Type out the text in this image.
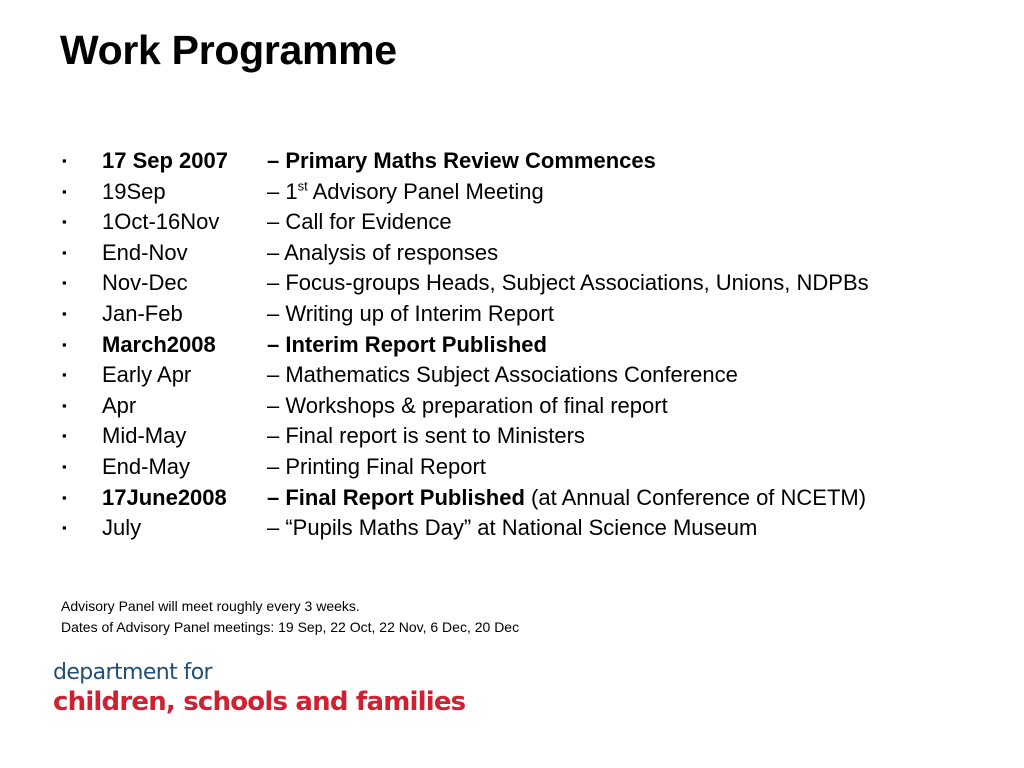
Work Programme
▪	17 Sep 2007	– Primary Maths Review Commences
▪	19Sep	– 1st Advisory Panel Meeting
▪	1Oct-16Nov	– Call for Evidence
▪	End-Nov	– Analysis of responses
▪	Nov-Dec	– Focus-groups Heads, Subject Associations, Unions, NDPBs
▪	Jan-Feb	– Writing up of Interim Report
▪	March2008	– Interim Report Published
▪	Early Apr	– Mathematics Subject Associations Conference
▪	Apr	– Workshops & preparation of final report
▪	Mid-May	– Final report is sent to Ministers
▪	End-May	– Printing Final Report
▪	17June2008	– Final Report Published (at Annual Conference of NCETM)
▪	July	– “Pupils Maths Day” at National Science Museum
Advisory Panel will meet roughly every 3 weeks.
Dates of Advisory Panel meetings: 19 Sep, 22 Oct, 22 Nov, 6 Dec, 20 Dec
department for
children, schools and families
